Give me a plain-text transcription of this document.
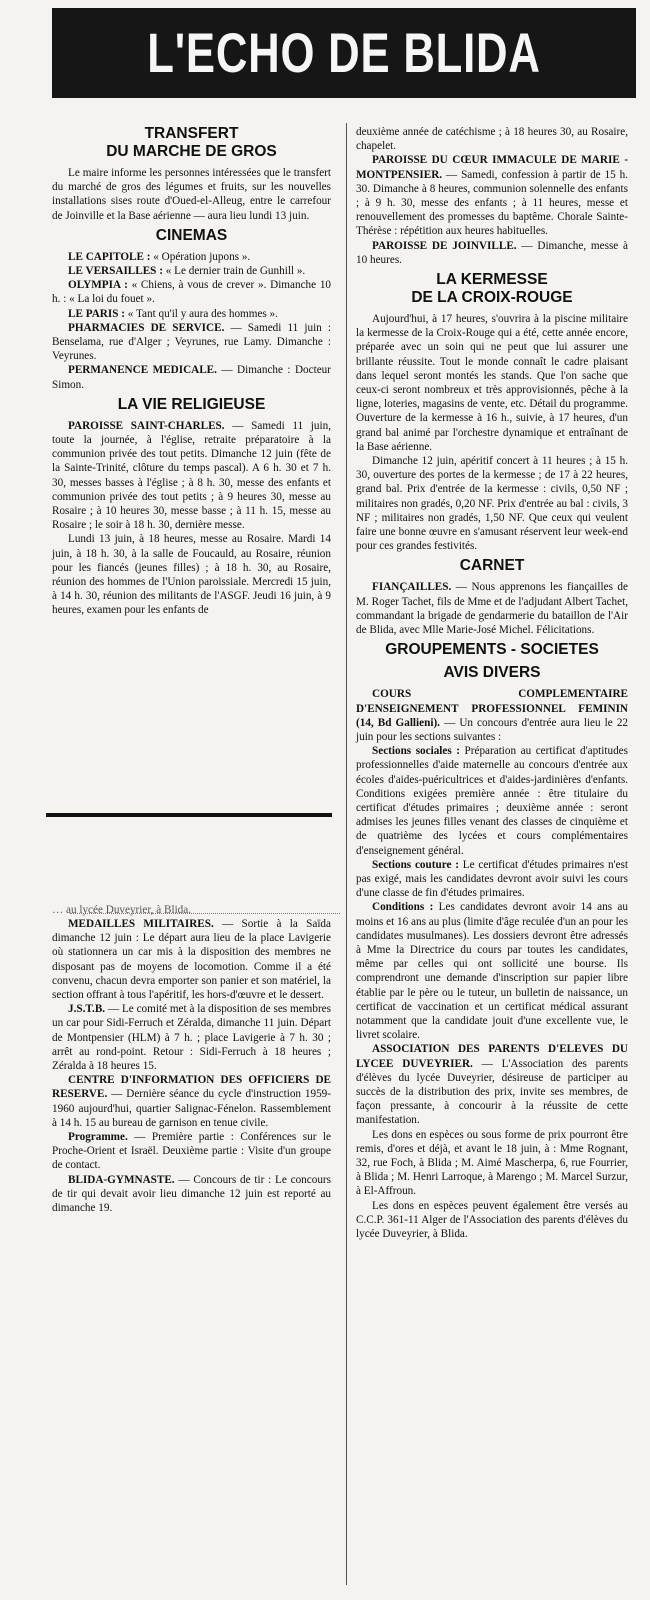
L'ECHO DE BLIDA
TRANSFERT
DU MARCHE DE GROS

Le maire informe les personnes intéressées que le transfert du marché de gros des légumes et fruits, sur les nouvelles installations sises route d'Oued-el-Alleug, entre le carrefour de Joinville et la Base aérienne — aura lieu lundi 13 juin.

CINEMAS

LE CAPITOLE : « Opération jupons ».

LE VERSAILLES : « Le dernier train de Gunhill ».

OLYMPIA : « Chiens, à vous de crever ». Dimanche 10 h. : « La loi du fouet ».

LE PARIS : « Tant qu'il y aura des hommes ».

PHARMACIES DE SERVICE. — Samedi 11 juin : Benselama, rue d'Alger ; Veyrunes, rue Lamy. Dimanche : Veyrunes.

PERMANENCE MEDICALE. — Dimanche : Docteur Simon.

LA VIE RELIGIEUSE

PAROISSE SAINT-CHARLES. — Samedi 11 juin, toute la journée, à l'église, retraite préparatoire à la communion privée des tout petits. Dimanche 12 juin (fête de la Sainte-Trinité, clôture du temps pascal). A 6 h. 30 et 7 h. 30, messes basses à l'église ; à 8 h. 30, messe des enfants et communion privée des tout petits ; à 9 heures 30, messe au Rosaire ; à 10 heures 30, messe basse ; à 11 h. 15, messe au Rosaire ; le soir à 18 h. 30, dernière messe.

Lundi 13 juin, à 18 heures, messe au Rosaire. Mardi 14 juin, à 18 h. 30, à la salle de Foucauld, au Rosaire, réunion pour les fiancés (jeunes filles) ; à 18 h. 30, au Rosaire, réunion des hommes de l'Union paroissiale. Mercredi 15 juin, à 14 h. 30, réunion des militants de l'ASGF. Jeudi 16 juin, à 9 heures, examen pour les enfants de

… au lycée Duveyrier, à Blida.

MEDAILLES MILITAIRES. — Sortie à la Saïda dimanche 12 juin : Le départ aura lieu de la place Lavigerie où stationnera un car mis à la disposition des membres ne disposant pas de moyens de locomotion. Comme il a été convenu, chacun devra emporter son panier et son matériel, la section offrant à tous l'apéritif, les hors-d'œuvre et le dessert.

J.S.T.B. — Le comité met à la disposition de ses membres un car pour Sidi-Ferruch et Zéralda, dimanche 11 juin. Départ de Montpensier (HLM) à 7 h. ; place Lavigerie à 7 h. 30 ; arrêt au rond-point. Retour : Sidi-Ferruch à 18 heures ; Zéralda à 18 heures 15.

CENTRE D'INFORMATION DES OFFICIERS DE RESERVE. — Dernière séance du cycle d'instruction 1959-1960 aujourd'hui, quartier Salignac-Fénelon. Rassemblement à 14 h. 15 au bureau de garnison en tenue civile.

Programme. — Première partie : Conférences sur le Proche-Orient et Israël. Deuxième partie : Visite d'un groupe de contact.

BLIDA-GYMNASTE. — Concours de tir : Le concours de tir qui devait avoir lieu dimanche 12 juin est reporté au dimanche 19.

deuxième année de catéchisme ; à 18 heures 30, au Rosaire, chapelet.

PAROISSE DU CŒUR IMMACULE DE MARIE - MONTPENSIER. — Samedi, confession à partir de 15 h. 30. Dimanche à 8 heures, communion solennelle des enfants ; à 9 h. 30, messe des enfants ; à 11 heures, messe et renouvellement des promesses du baptême. Chorale Sainte-Thérèse : répétition aux heures habituelles.

PAROISSE DE JOINVILLE. — Dimanche, messe à 10 heures.

LA KERMESSE
DE LA CROIX-ROUGE

Aujourd'hui, à 17 heures, s'ouvrira à la piscine militaire la kermesse de la Croix-Rouge qui a été, cette année encore, préparée avec un soin qui ne peut que lui assurer une brillante réussite. Tout le monde connaît le cadre plaisant dans lequel seront montés les stands. Que l'on sache que ceux-ci seront nombreux et très approvisionnés, pêche à la ligne, loteries, magasins de vente, etc. Détail du programme. Ouverture de la kermesse à 16 h., suivie, à 17 heures, d'un grand bal animé par l'orchestre dynamique et entraînant de la Base aérienne.

Dimanche 12 juin, apéritif concert à 11 heures ; à 15 h. 30, ouverture des portes de la kermesse ; de 17 à 22 heures, grand bal. Prix d'entrée de la kermesse : civils, 0,50 NF ; militaires non gradés, 0,20 NF. Prix d'entrée au bal : civils, 3 NF ; militaires non gradés, 1,50 NF. Que ceux qui veulent faire une bonne œuvre en s'amusant réservent leur week-end pour ces grandes festivités.

CARNET

FIANÇAILLES. — Nous apprenons les fiançailles de M. Roger Tachet, fils de Mme et de l'adjudant Albert Tachet, commandant la brigade de gendarmerie du bataillon de l'Air de Blida, avec Mlle Marie-José Michel. Félicitations.

GROUPEMENTS - SOCIETES
AVIS DIVERS

COURS COMPLEMENTAIRE D'ENSEIGNEMENT PROFESSIONNEL FEMININ (14, Bd Gallieni). — Un concours d'entrée aura lieu le 22 juin pour les sections suivantes :

Sections sociales : Préparation au certificat d'aptitudes professionnelles d'aide maternelle au concours d'entrée aux écoles d'aides-puéricultrices et d'aides-jardinières d'enfants. Conditions exigées première année : être titulaire du certificat d'études primaires ; deuxième année : seront admises les jeunes filles venant des classes de cinquième et de quatrième des lycées et cours complémentaires d'enseignement général.

Sections couture : Le certificat d'études primaires n'est pas exigé, mais les candidates devront avoir suivi les cours d'une classe de fin d'études primaires.

Conditions : Les candidates devront avoir 14 ans au moins et 16 ans au plus (limite d'âge reculée d'un an pour les candidates musulmanes). Les dossiers devront être adressés à Mme la Directrice du cours par toutes les candidates, même par celles qui ont sollicité une bourse. Ils comprendront une demande d'inscription sur papier libre établie par le père ou le tuteur, un bulletin de naissance, un certificat de vaccination et un certificat médical assurant notamment que la candidate jouit d'une excellente vue, le livret scolaire.

ASSOCIATION DES PARENTS D'ELEVES DU LYCEE DUVEYRIER. — L'Association des parents d'élèves du lycée Duveyrier, désireuse de participer au succès de la distribution des prix, invite ses membres, de façon pressante, à concourir à la réussite de cette manifestation.

Les dons en espèces ou sous forme de prix pourront être remis, d'ores et déjà, et avant le 18 juin, à : Mme Rognant, 32, rue Foch, à Blida ; M. Aimé Mascherpa, 6, rue Fourrier, à Blida ; M. Henri Larroque, à Marengo ; M. Marcel Surzur, à El-Affroun.

Les dons en espèces peuvent également être versés au C.C.P. 361-11 Alger de l'Association des parents d'élèves du lycée Duveyrier, à Blida.
